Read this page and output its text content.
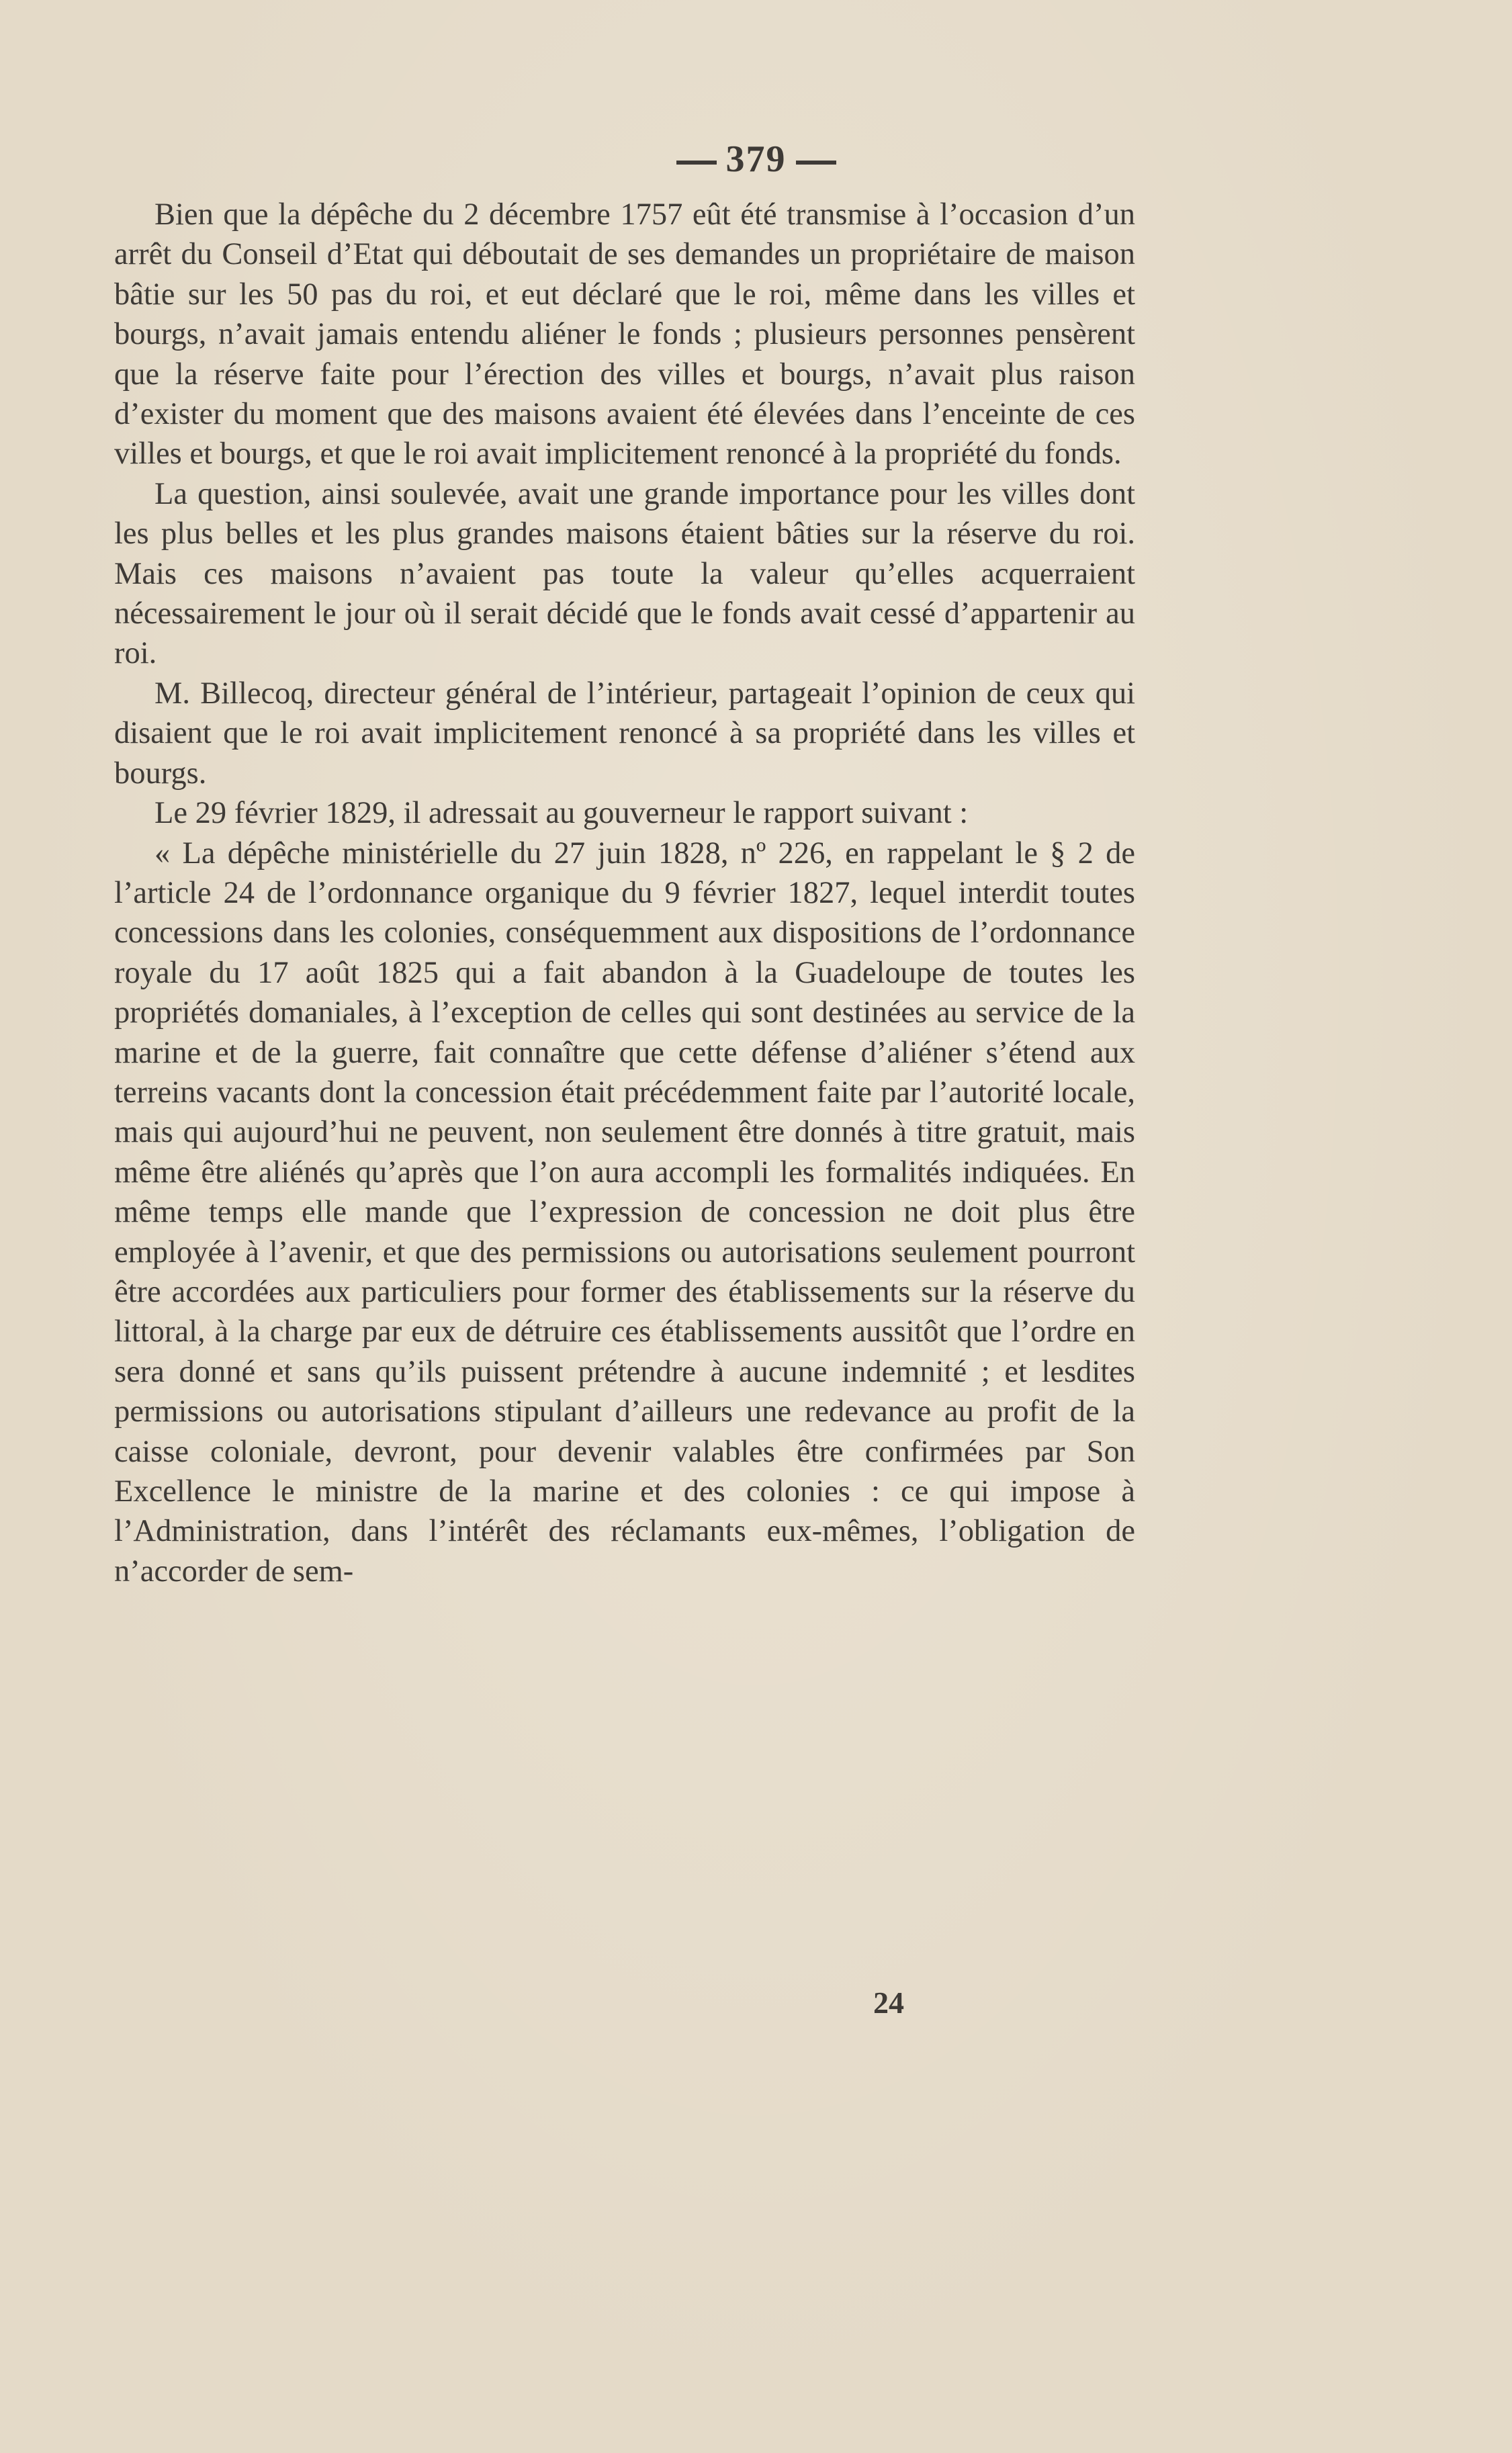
379

Bien que la dépêche du 2 décembre 1757 eût été transmise à l’occasion d’un arrêt du Conseil d’Etat qui déboutait de ses demandes un propriétaire de maison bâtie sur les 50 pas du roi, et eut déclaré que le roi, même dans les villes et bourgs, n’avait jamais entendu aliéner le fonds ; plusieurs personnes pensèrent que la réserve faite pour l’érection des villes et bourgs, n’avait plus raison d’exister du moment que des maisons avaient été élevées dans l’enceinte de ces villes et bourgs, et que le roi avait implicitement renoncé à la propriété du fonds.

La question, ainsi soulevée, avait une grande importance pour les villes dont les plus belles et les plus grandes maisons étaient bâties sur la réserve du roi. Mais ces maisons n’avaient pas toute la valeur qu’elles acquerraient nécessairement le jour où il serait décidé que le fonds avait cessé d’appartenir au roi.

M. Billecoq, directeur général de l’intérieur, partageait l’opinion de ceux qui disaient que le roi avait implicitement renoncé à sa propriété dans les villes et bourgs.

Le 29 février 1829, il adressait au gouverneur le rapport suivant :

« La dépêche ministérielle du 27 juin 1828, nº 226, en rappelant le § 2 de l’article 24 de l’ordonnance organique du 9 février 1827, lequel interdit toutes concessions dans les colonies, conséquemment aux dispositions de l’ordonnance royale du 17 août 1825 qui a fait abandon à la Guadeloupe de toutes les propriétés domaniales, à l’exception de celles qui sont destinées au service de la marine et de la guerre, fait connaître que cette défense d’aliéner s’étend aux terreins vacants dont la concession était précédemment faite par l’autorité locale, mais qui aujourd’hui ne peuvent, non seulement être donnés à titre gratuit, mais même être aliénés qu’après que l’on aura accompli les formalités indiquées. En même temps elle mande que l’expression de concession ne doit plus être employée à l’avenir, et que des permissions ou autorisations seulement pourront être accordées aux particuliers pour former des établissements sur la réserve du littoral, à la charge par eux de détruire ces établissements aussitôt que l’ordre en sera donné et sans qu’ils puissent prétendre à aucune indemnité ; et lesdites permissions ou autorisations stipulant d’ailleurs une redevance au profit de la caisse coloniale, devront, pour devenir valables être confirmées par Son Excellence le ministre de la marine et des colonies : ce qui impose à l’Administration, dans l’intérêt des réclamants eux-mêmes, l’obligation de n’accorder de sem-

24
